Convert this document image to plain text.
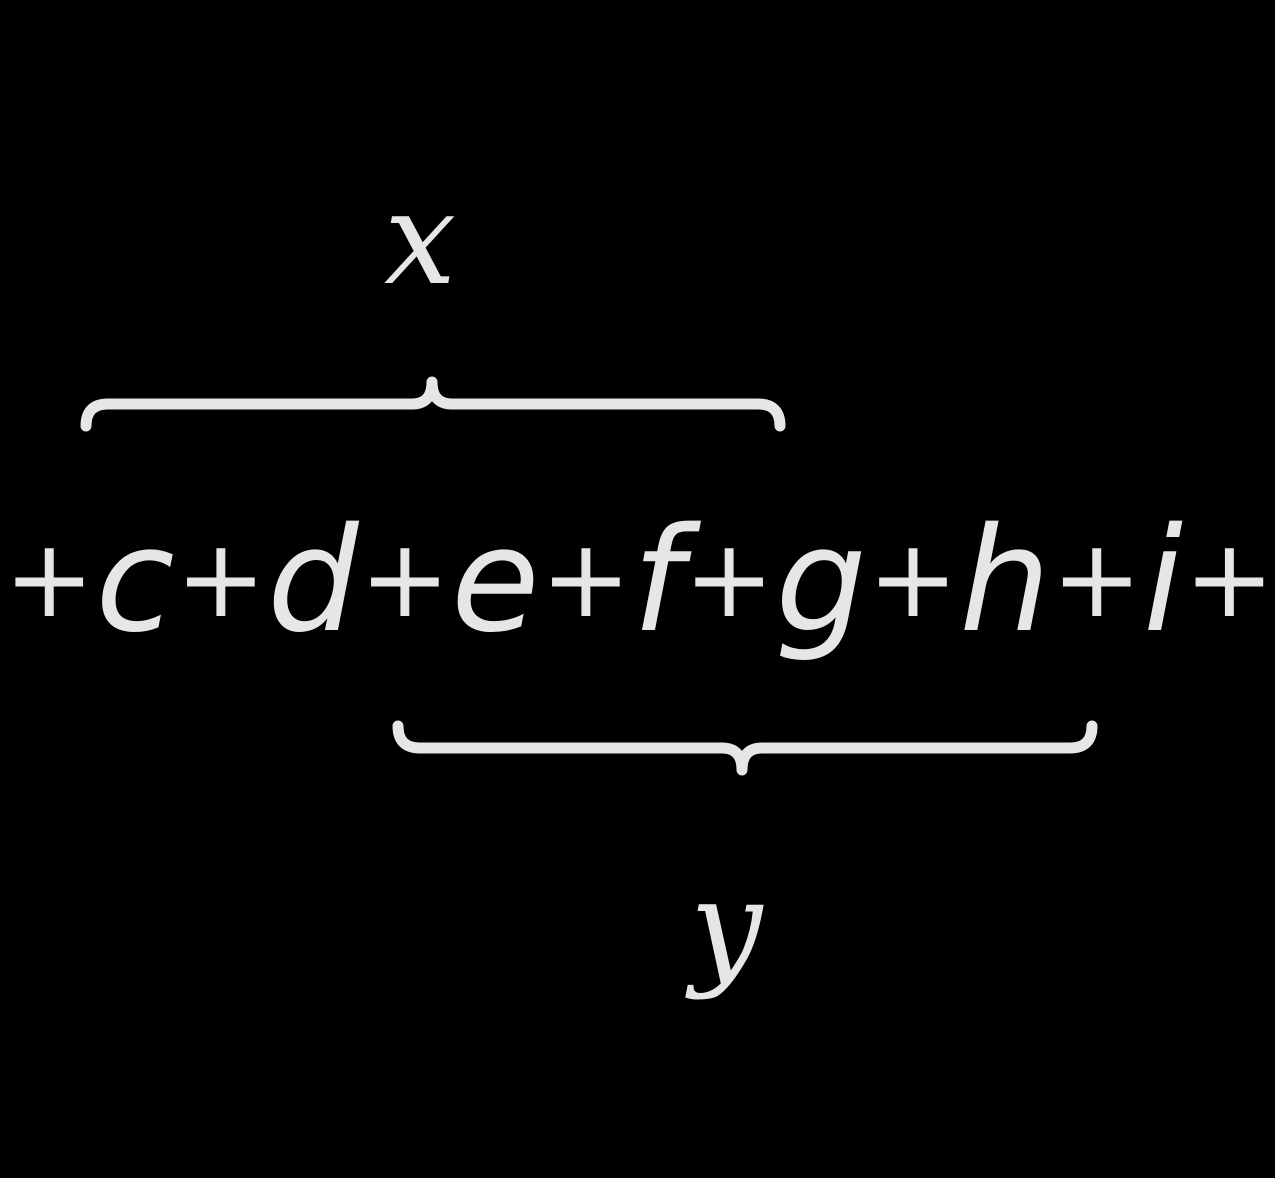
x
+ c + d + e + f + g + h + i +
y
